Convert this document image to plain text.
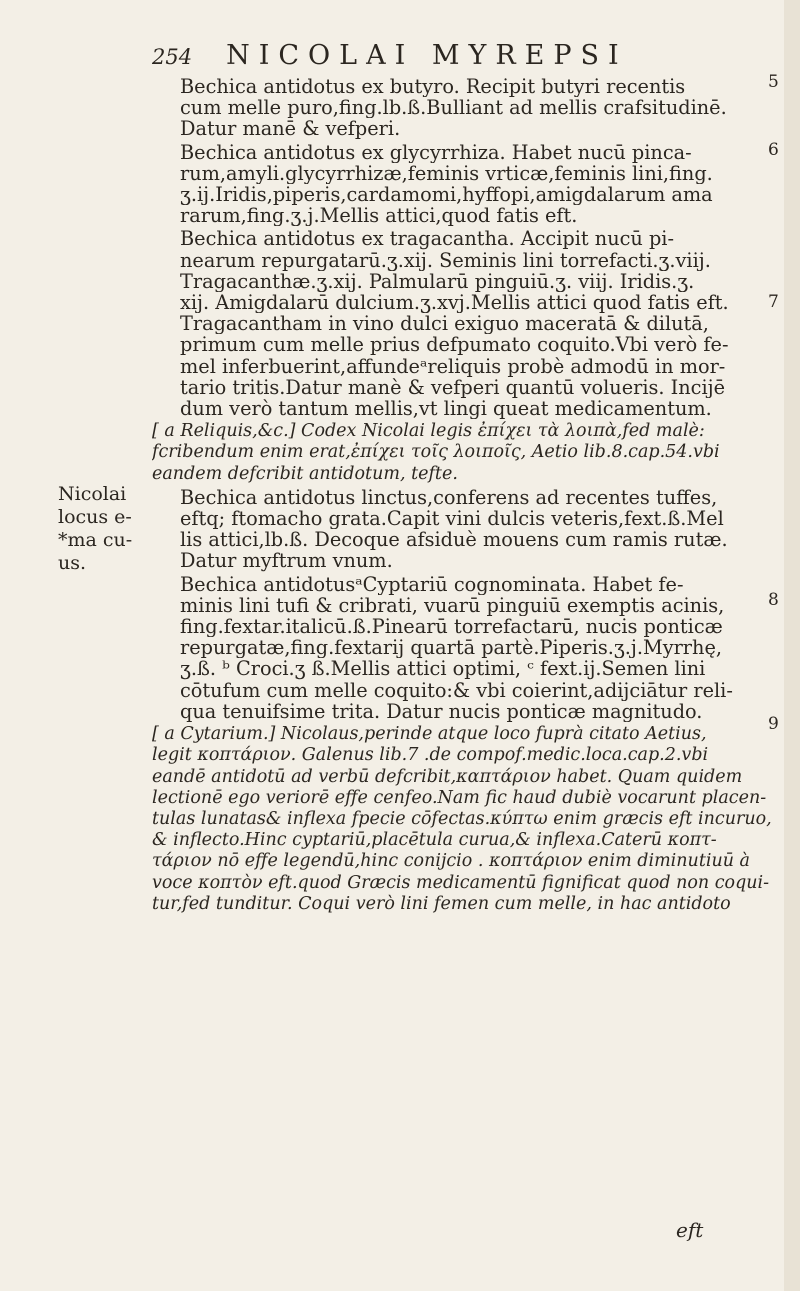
254 NICOLAI MYREPSI
Bechica antidotus ex butyro. Recipit butyri recentis
cum melle puro,fing.lb.ß.Bulliant ad mellis crafsitudinē.
Datur manē & vefperi.
Bechica antidotus ex glycyrrhiza. Habet nucū pinca-
rum,amyli.glycyrrhizæ,feminis vrticæ,feminis lini,fing.
ʒ.ij.Iridis,piperis,cardamomi,hyffopi,amigdalarum ama
rarum,fing.ʒ.j.Mellis attici,quod fatis eft.
Bechica antidotus ex tragacantha. Accipit nucū pi-
nearum repurgatarū.ʒ.xij. Seminis lini torrefacti.ʒ.viij.
Tragacanthæ.ʒ.xij. Palmularū pinguiū.ʒ. viij. Iridis.ʒ.
xij. Amigdalarū dulcium.ʒ.xvj.Mellis attici quod fatis eft.
Tragacantham in vino dulci exiguo maceratā & dilutā,
primum cum melle prius defpumato coquito.Vbi verò fe-
mel inferbuerint,affundeᵃreliquis probè admodū in mor-
tario tritis.Datur manè & vefperi quantū volueris. Incijē
dum verò tantum mellis,vt lingi queat medicamentum.
[ a Reliquis,&c.] Codex Nicolai legis ἐπίχει τὰ λοιπὰ,fed malè:
fcribendum enim erat,ἐπίχει τοῖς λοιποῖς, Aetio lib.8.cap.54.vbi
eandem defcribit antidotum, tefte.
Bechica antidotus linctus,conferens ad recentes tuffes,
eftq; ftomacho grata.Capit vini dulcis veteris,fext.ß.Mel
lis attici,lb.ß. Decoque afsiduè mouens cum ramis rutæ.
Datur myftrum vnum.
Bechica antidotusᵃCyptariū cognominata. Habet fe-
minis lini tufi & cribrati, vuarū pinguiū exemptis acinis,
fing.fextar.italicū.ß.Pinearū torrefactarū, nucis ponticæ
repurgatæ,fing.fextarij quartā partè.Piperis.ʒ.j.Myrrhę,
ʒ.ß. ᵇ Croci.ʒ ß.Mellis attici optimi, ᶜ fext.ij.Semen lini
cōtufum cum melle coquito:& vbi coierint,adijciātur reli-
qua tenuifsime trita. Datur nucis ponticæ magnitudo.
[ a Cytarium.] Nicolaus,perinde atque loco fuprà citato Aetius,
legit κοπτάριον. Galenus lib.7 .de compof.medic.loca.cap.2.vbi
eandē antidotū ad verbū defcribit,καπτάριον habet. Quam quidem
lectionē ego veriorē effe cenfeo.Nam fic haud dubiè vocarunt placen-
tulas lunatas& inflexa fpecie cōfectas.κύπτω enim græcis eft incuruo,
& inflecto.Hinc cyptariū,placētula curua,& inflexa.Caterū κοπτ-
τάριον nō effe legendū,hinc conijcio . κοπτάριον enim diminutiuū à
voce κοπτὸν eft.quod Græcis medicamentū fignificat quod non coqui-
tur,fed tunditur. Coqui verò lini femen cum melle, in hac antidoto
Nicolai
locus e-
*ma cu-
us.
5
6
7
8
9
eft
